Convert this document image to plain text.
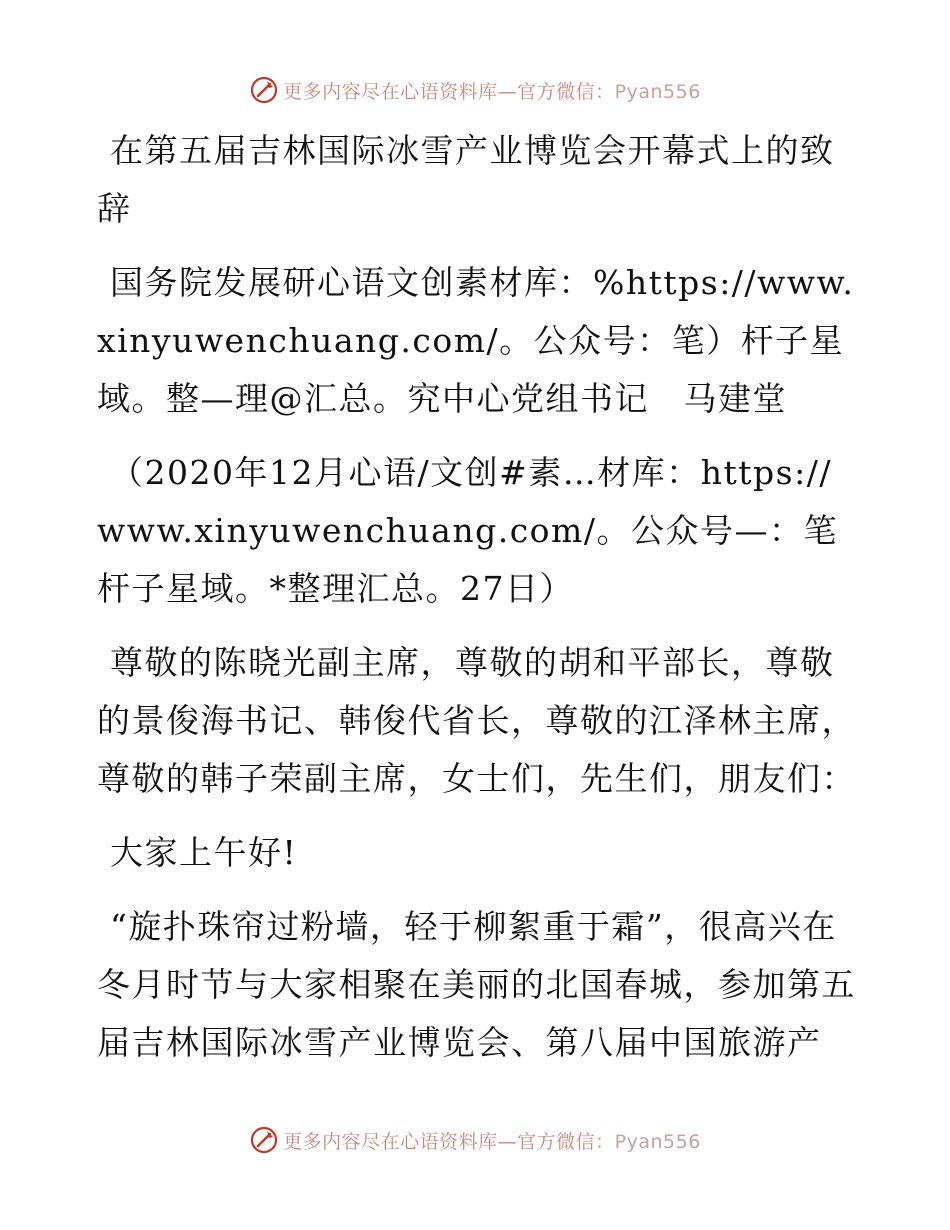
更多内容尽在心语资料库—官方微信：Pyan556

在第五届吉林国际冰雪产业博览会开幕式上的致辞

国务院发展研心语文创素材库：%https://www.xinyuwenchuang.com/。公众号：笔）杆子星域。整—理@汇总。究中心党组书记　马建堂

（2020年12月心语/文创#素…材库：https://www.xinyuwenchuang.com/。公众号—：笔杆子星域。*整理汇总。27日）

尊敬的陈晓光副主席，尊敬的胡和平部长，尊敬的景俊海书记、韩俊代省长，尊敬的江泽林主席，尊敬的韩子荣副主席，女士们，先生们，朋友们：

大家上午好!

“旋扑珠帘过粉墙，轻于柳絮重于霜”，很高兴在冬月时节与大家相聚在美丽的北国春城，参加第五届吉林国际冰雪产业博览会、第八届中国旅游产

更多内容尽在心语资料库—官方微信：Pyan556
